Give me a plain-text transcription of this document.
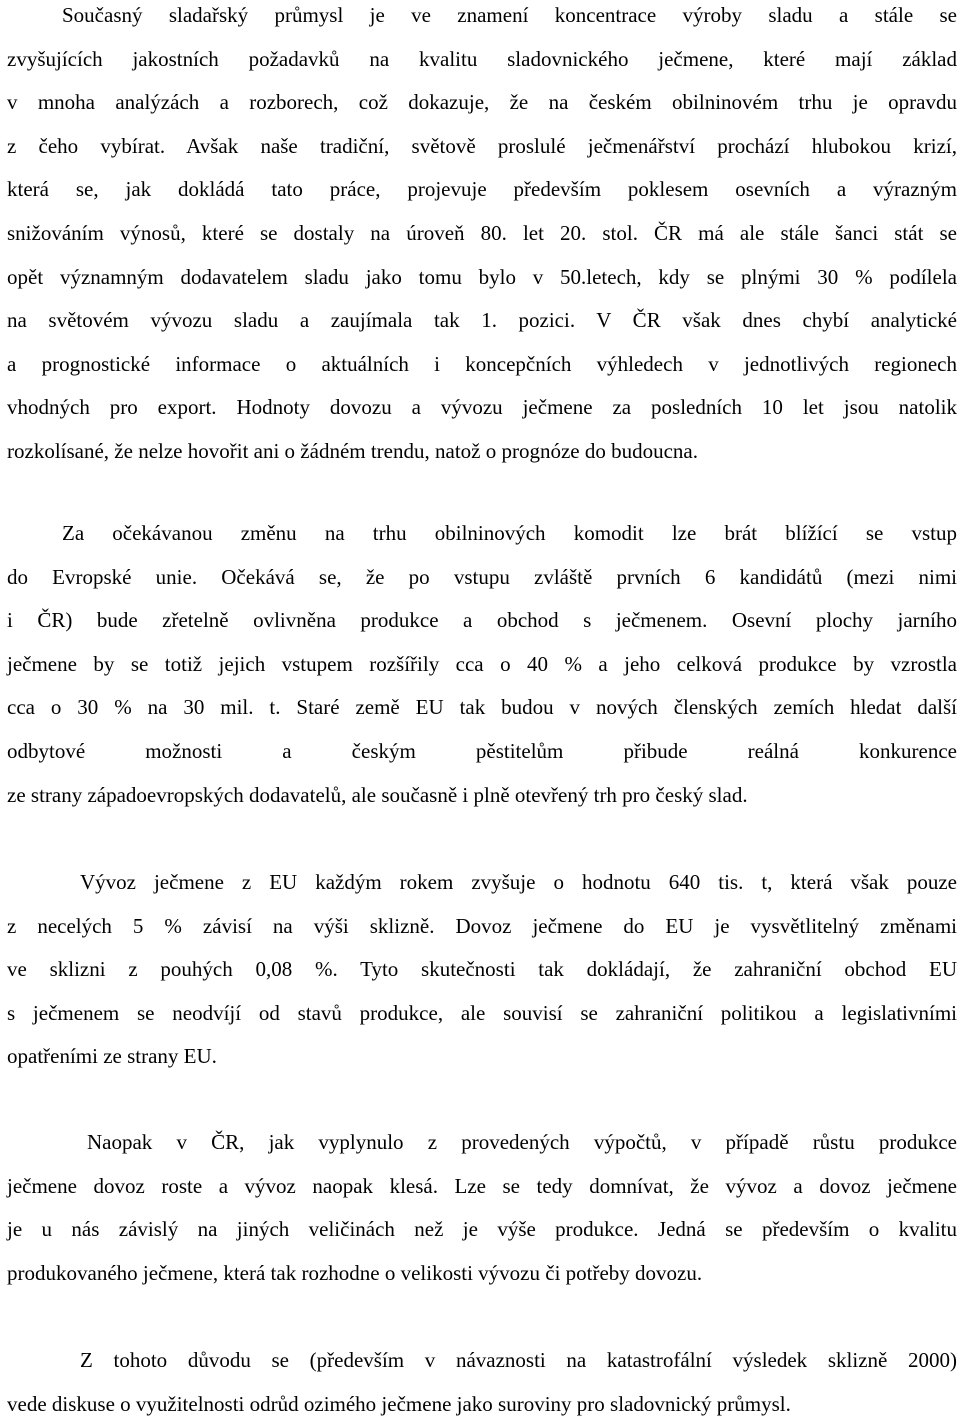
Současný sladařský průmysl je ve znamení koncentrace výroby sladu a stále se
zvyšujících jakostních požadavků na kvalitu sladovnického ječmene, které mají základ
v mnoha analýzách a rozborech, což dokazuje, že na českém obilninovém trhu je opravdu
z čeho vybírat. Avšak naše tradiční, světově proslulé ječmenářství prochází hlubokou krizí,
která se, jak dokládá tato práce, projevuje především poklesem osevních a výrazným
snižováním výnosů, které se dostaly na úroveň 80. let 20. stol. ČR má ale stále šanci stát se
opět významným dodavatelem sladu jako tomu bylo v 50.letech, kdy se plnými 30 % podílela
na světovém vývozu sladu a zaujímala tak 1. pozici. V ČR však dnes chybí analytické
a prognostické informace o aktuálních i koncepčních výhledech v jednotlivých regionech
vhodných pro export. Hodnoty dovozu a vývozu ječmene za posledních 10 let jsou natolik
rozkolísané, že nelze hovořit ani o žádném trendu, natož o prognóze do budoucna.
Za očekávanou změnu na trhu obilninových komodit lze brát blížící se vstup
do Evropské unie. Očekává se, že po vstupu zvláště prvních 6 kandidátů (mezi nimi
i ČR) bude zřetelně ovlivněna produkce a obchod s ječmenem. Osevní plochy jarního
ječmene by se totiž jejich vstupem rozšířily cca o 40 % a jeho celková produkce by vzrostla
cca o 30 % na 30 mil. t. Staré země EU tak budou v nových členských zemích hledat další
odbytové možnosti a českým pěstitelům přibude reálná konkurence
ze strany západoevropských dodavatelů, ale současně i plně otevřený trh pro český slad.
Vývoz ječmene z EU každým rokem zvyšuje o hodnotu 640 tis. t, která však pouze
z necelých 5 % závisí na výši sklizně. Dovoz ječmene do EU je vysvětlitelný změnami
ve sklizni z pouhých 0,08 %. Tyto skutečnosti tak dokládají, že zahraniční obchod EU
s ječmenem se neodvíjí od stavů produkce, ale souvisí se zahraniční politikou a legislativními
opatřeními ze strany EU.
Naopak v ČR, jak vyplynulo z provedených výpočtů, v případě růstu produkce
ječmene dovoz roste a vývoz naopak klesá. Lze se tedy domnívat, že vývoz a dovoz ječmene
je u nás závislý na jiných veličinách než je výše produkce. Jedná se především o kvalitu
produkovaného ječmene, která tak rozhodne o velikosti vývozu či potřeby dovozu.
Z tohoto důvodu se (především v návaznosti na katastrofální výsledek sklizně 2000)
vede diskuse o využitelnosti odrůd ozimého ječmene jako suroviny pro sladovnický průmysl.
